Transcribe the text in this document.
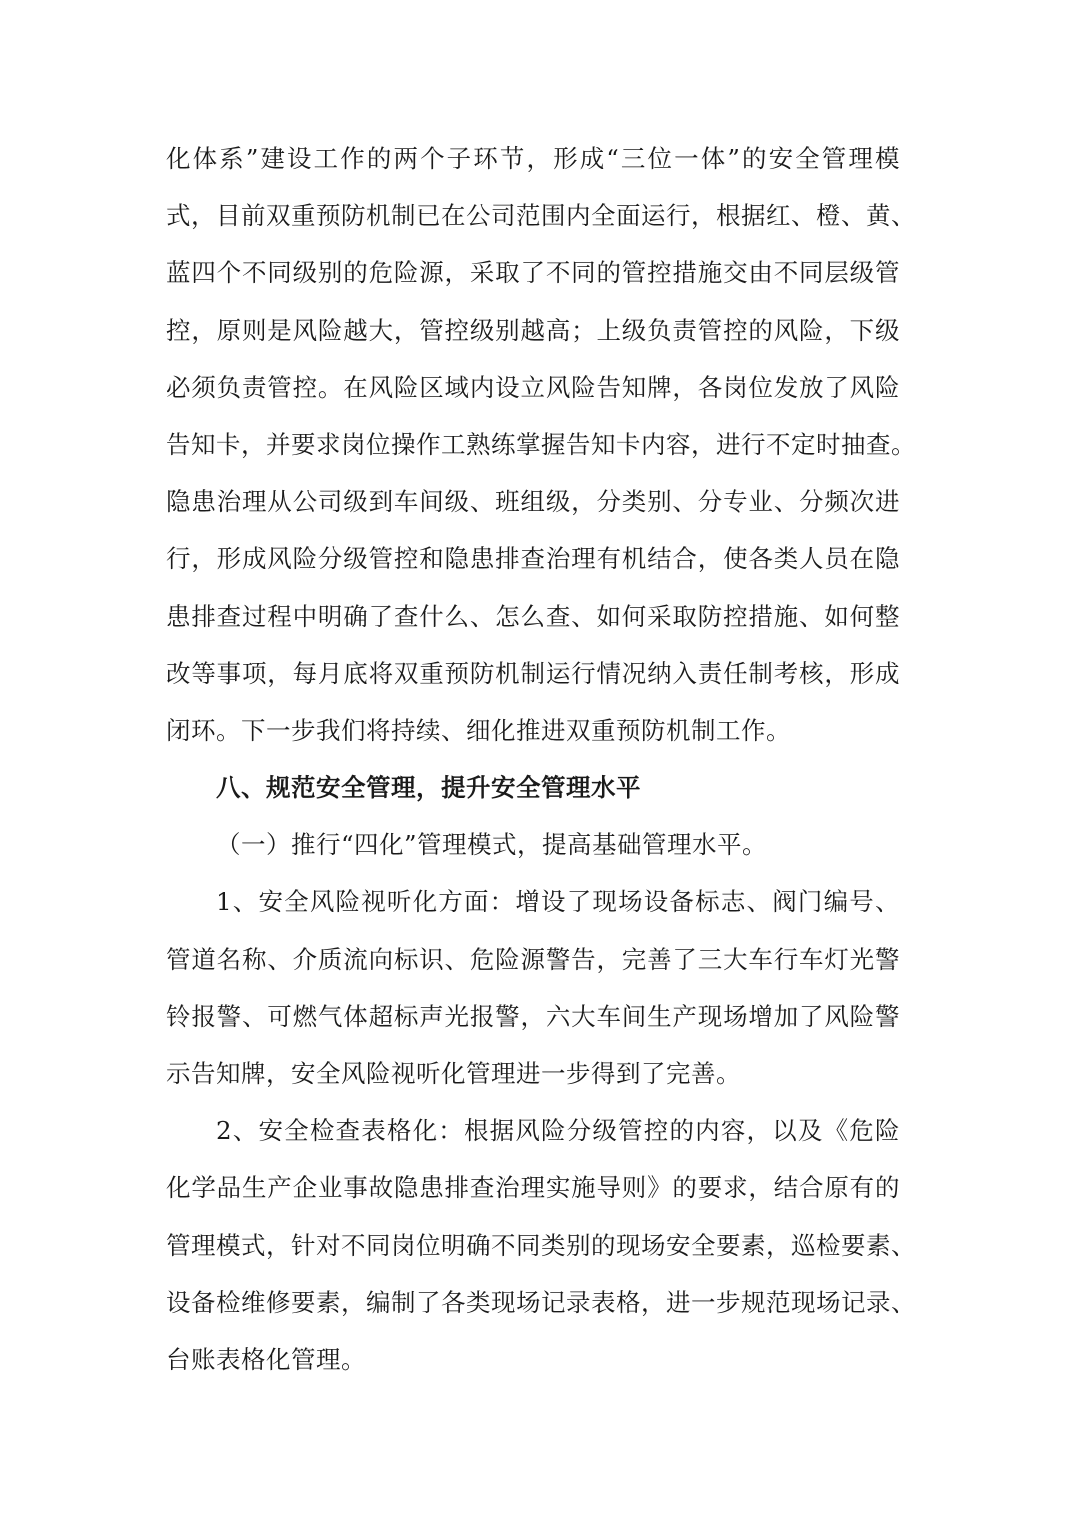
化体系”建设工作的两个子环节，形成“三位一体”的安全管理模
式，目前双重预防机制已在公司范围内全面运行，根据红、橙、黄、
蓝四个不同级别的危险源，采取了不同的管控措施交由不同层级管
控，原则是风险越大，管控级别越高；上级负责管控的风险，下级
必须负责管控。在风险区域内设立风险告知牌，各岗位发放了风险
告知卡，并要求岗位操作工熟练掌握告知卡内容，进行不定时抽查。
隐患治理从公司级到车间级、班组级，分类别、分专业、分频次进
行，形成风险分级管控和隐患排查治理有机结合，使各类人员在隐
患排查过程中明确了查什么、怎么查、如何采取防控措施、如何整
改等事项，每月底将双重预防机制运行情况纳入责任制考核，形成
闭环。下一步我们将持续、细化推进双重预防机制工作。
八、规范安全管理，提升安全管理水平
（一）推行“四化”管理模式，提高基础管理水平。
1、安全风险视听化方面：增设了现场设备标志、阀门编号、
管道名称、介质流向标识、危险源警告，完善了三大车行车灯光警
铃报警、可燃气体超标声光报警，六大车间生产现场增加了风险警
示告知牌，安全风险视听化管理进一步得到了完善。
2、安全检查表格化：根据风险分级管控的内容，以及《危险
化学品生产企业事故隐患排查治理实施导则》的要求，结合原有的
管理模式，针对不同岗位明确不同类别的现场安全要素，巡检要素、
设备检维修要素，编制了各类现场记录表格，进一步规范现场记录、
台账表格化管理。
